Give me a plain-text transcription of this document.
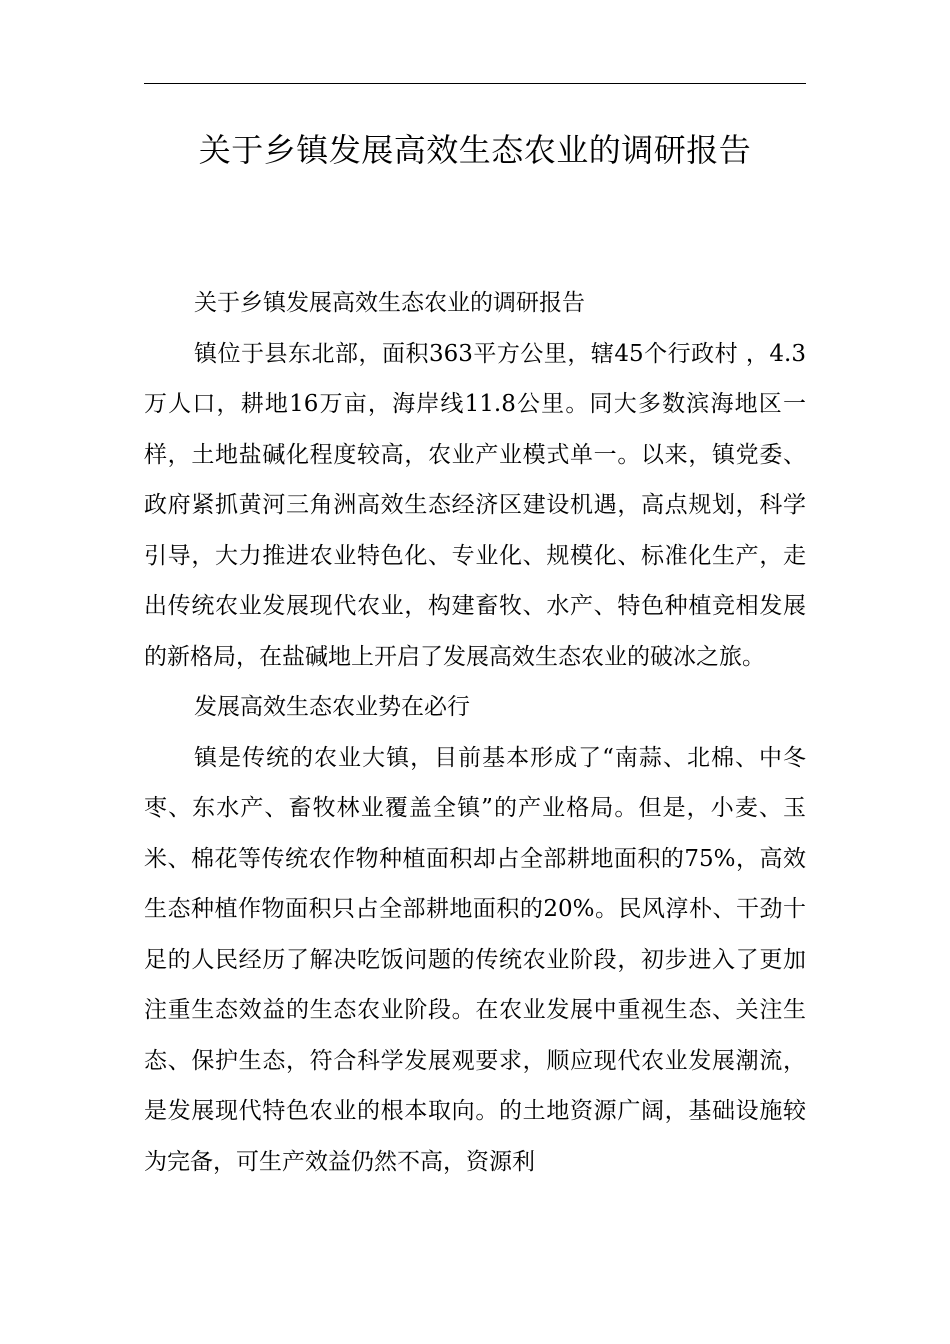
关于乡镇发展高效生态农业的调研报告

关于乡镇发展高效生态农业的调研报告

镇位于县东北部，面积363平方公里，辖45个行政村 ，4.3万人口，耕地16万亩，海岸线11.8公里。同大多数滨海地区一样，土地盐碱化程度较高，农业产业模式单一。以来，镇党委、政府紧抓黄河三角洲高效生态经济区建设机遇，高点规划，科学引导，大力推进农业特色化、专业化、规模化、标准化生产，走出传统农业发展现代农业，构建畜牧、水产、特色种植竞相发展的新格局，在盐碱地上开启了发展高效生态农业的破冰之旅。

发展高效生态农业势在必行

镇是传统的农业大镇，目前基本形成了“南蒜、北棉、中冬枣、东水产、畜牧林业覆盖全镇”的产业格局。但是，小麦、玉米、棉花等传统农作物种植面积却占全部耕地面积的75%，高效生态种植作物面积只占全部耕地面积的20%。民风淳朴、干劲十足的人民经历了解决吃饭问题的传统农业阶段，初步进入了更加注重生态效益的生态农业阶段。在农业发展中重视生态、关注生态、保护生态，符合科学发展观要求，顺应现代农业发展潮流，是发展现代特色农业的根本取向。的土地资源广阔，基础设施较为完备，可生产效益仍然不高，资源利
